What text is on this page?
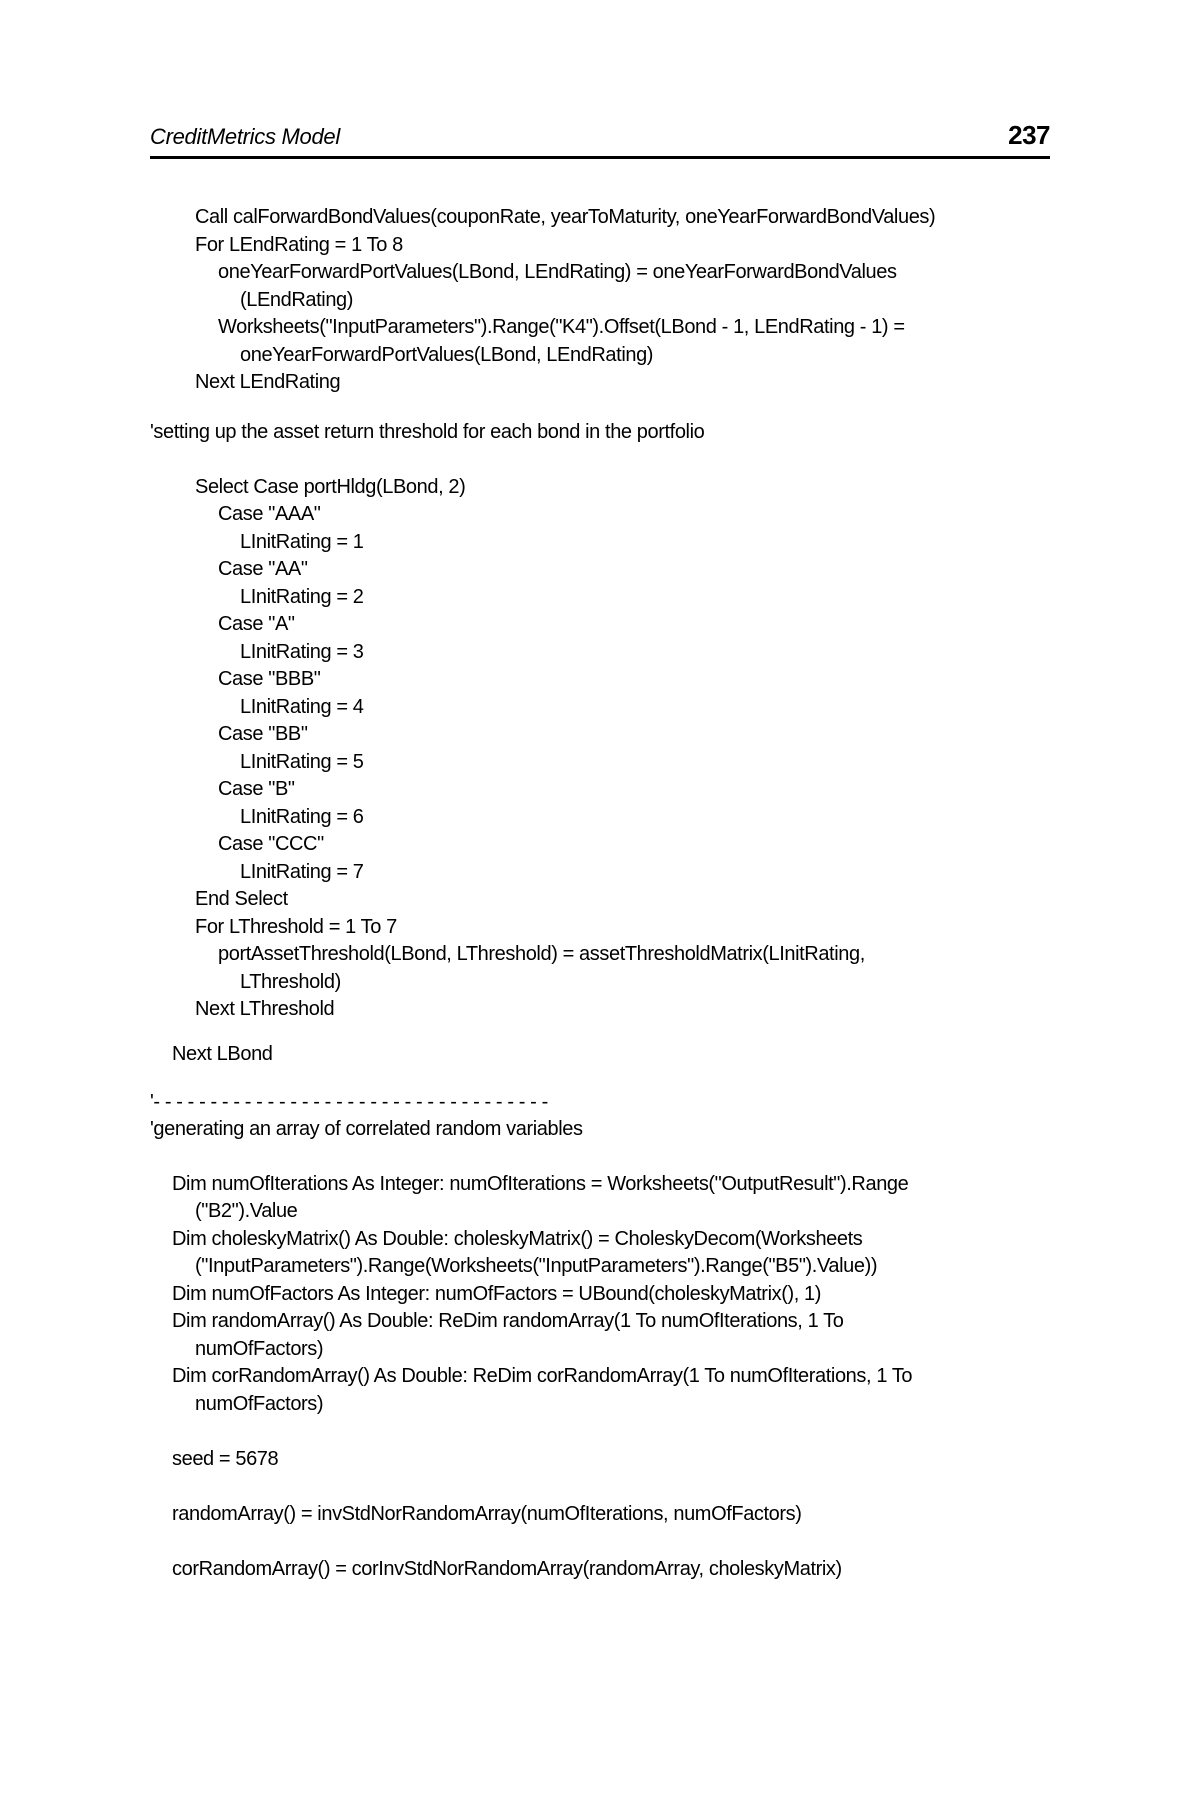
CreditMetrics Model	237
Call calForwardBondValues(couponRate, yearToMaturity, oneYearForwardBondValues)
For LEndRating = 1 To 8
oneYearForwardPortValues(LBond, LEndRating) = oneYearForwardBondValues
(LEndRating)
Worksheets("InputParameters").Range("K4").Offset(LBond - 1, LEndRating - 1) =
oneYearForwardPortValues(LBond, LEndRating)
Next LEndRating
'setting up the asset return threshold for each bond in the portfolio
Select Case portHldg(LBond, 2)
Case "AAA"
LInitRating = 1
Case "AA"
LInitRating = 2
Case "A"
LInitRating = 3
Case "BBB"
LInitRating = 4
Case "BB"
LInitRating = 5
Case "B"
LInitRating = 6
Case "CCC"
LInitRating = 7
End Select
For LThreshold = 1 To 7
portAssetThreshold(LBond, LThreshold) = assetThresholdMatrix(LInitRating,
LThreshold)
Next LThreshold
Next LBond
'- - - - - - - - - - - - - - - - - - - - - - - - - - - - - - - - - - -
'generating an array of correlated random variables
Dim numOfIterations As Integer: numOfIterations = Worksheets("OutputResult").Range
("B2").Value
Dim choleskyMatrix() As Double: choleskyMatrix() = CholeskyDecom(Worksheets
("InputParameters").Range(Worksheets("InputParameters").Range("B5").Value))
Dim numOfFactors As Integer: numOfFactors = UBound(choleskyMatrix(), 1)
Dim randomArray() As Double: ReDim randomArray(1 To numOfIterations, 1 To
numOfFactors)
Dim corRandomArray() As Double: ReDim corRandomArray(1 To numOfIterations, 1 To
numOfFactors)
seed = 5678
randomArray() = invStdNorRandomArray(numOfIterations, numOfFactors)
corRandomArray() = corInvStdNorRandomArray(randomArray, choleskyMatrix)
